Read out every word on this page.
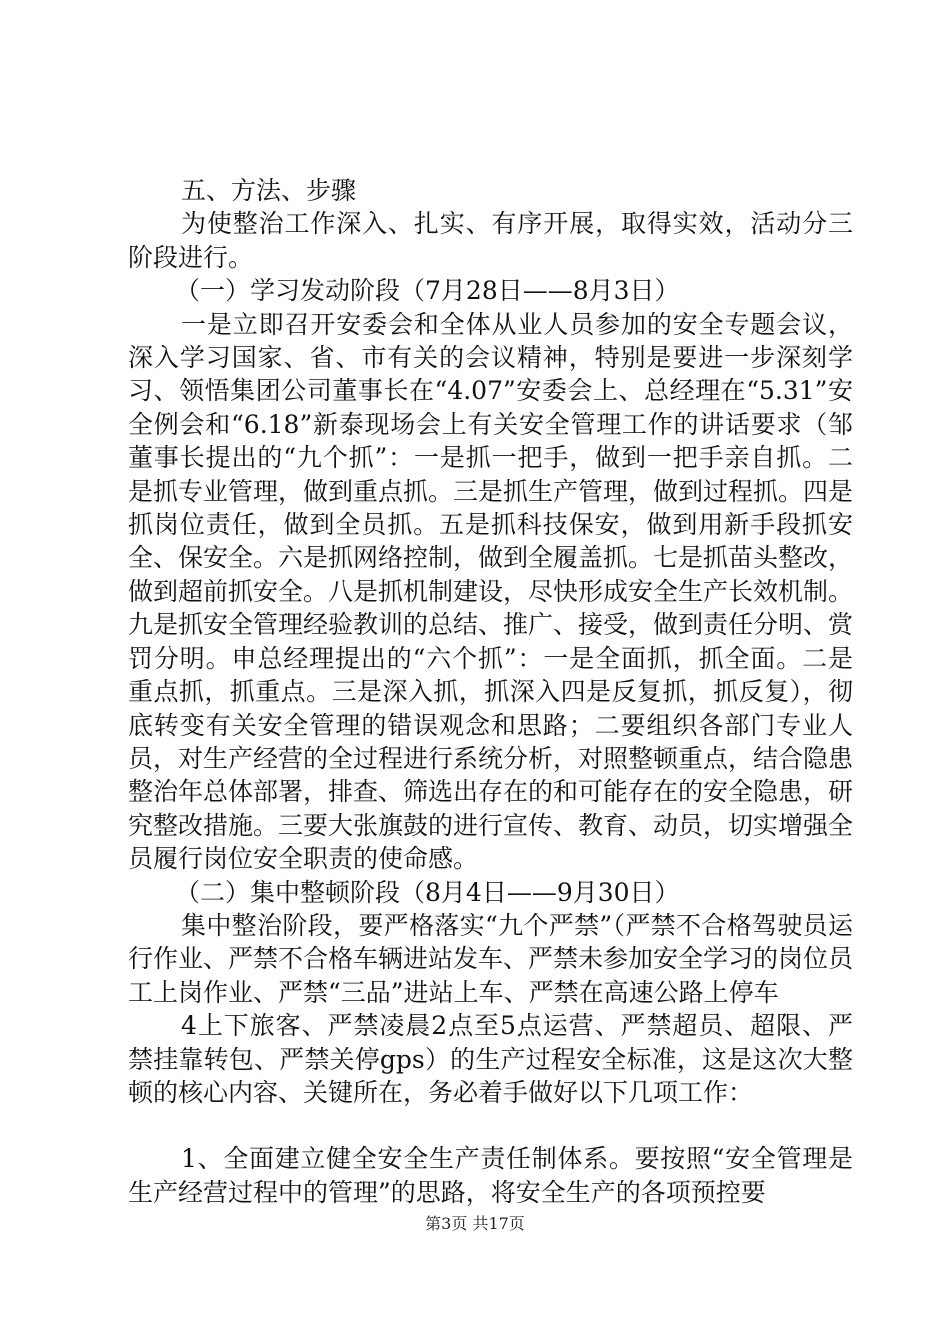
五、方法、步骤

为使整治工作深入、扎实、有序开展，取得实效，活动分三阶段进行。

（一）学习发动阶段（7月28日——8月3日）

一是立即召开安委会和全体从业人员参加的安全专题会议，深入学习国家、省、市有关的会议精神，特别是要进一步深刻学习、领悟集团公司董事长在“4.07”安委会上、总经理在“5.31”安全例会和“6.18”新泰现场会上有关安全管理工作的讲话要求（邹董事长提出的“九个抓”：一是抓一把手，做到一把手亲自抓。二是抓专业管理，做到重点抓。三是抓生产管理，做到过程抓。四是抓岗位责任，做到全员抓。五是抓科技保安，做到用新手段抓安全、保安全。六是抓网络控制，做到全履盖抓。七是抓苗头整改，做到超前抓安全。八是抓机制建设，尽快形成安全生产长效机制。九是抓安全管理经验教训的总结、推广、接受，做到责任分明、赏罚分明。申总经理提出的“六个抓”：一是全面抓，抓全面。二是重点抓，抓重点。三是深入抓，抓深入四是反复抓，抓反复），彻底转变有关安全管理的错误观念和思路；二要组织各部门专业人员，对生产经营的全过程进行系统分析，对照整顿重点，结合隐患整治年总体部署，排查、筛选出存在的和可能存在的安全隐患，研究整改措施。三要大张旗鼓的进行宣传、教育、动员，切实增强全员履行岗位安全职责的使命感。

（二）集中整顿阶段（8月4日——9月30日）

集中整治阶段，要严格落实“九个严禁”（严禁不合格驾驶员运行作业、严禁不合格车辆进站发车、严禁未参加安全学习的岗位员工上岗作业、严禁“三品”进站上车、严禁在高速公路上停车

4上下旅客、严禁凌晨2点至5点运营、严禁超员、超限、严禁挂靠转包、严禁关停gps）的生产过程安全标准，这是这次大整顿的核心内容、关键所在，务必着手做好以下几项工作：

1、全面建立健全安全生产责任制体系。要按照“安全管理是生产经营过程中的管理”的思路，将安全生产的各项预控要

第3页 共17页
